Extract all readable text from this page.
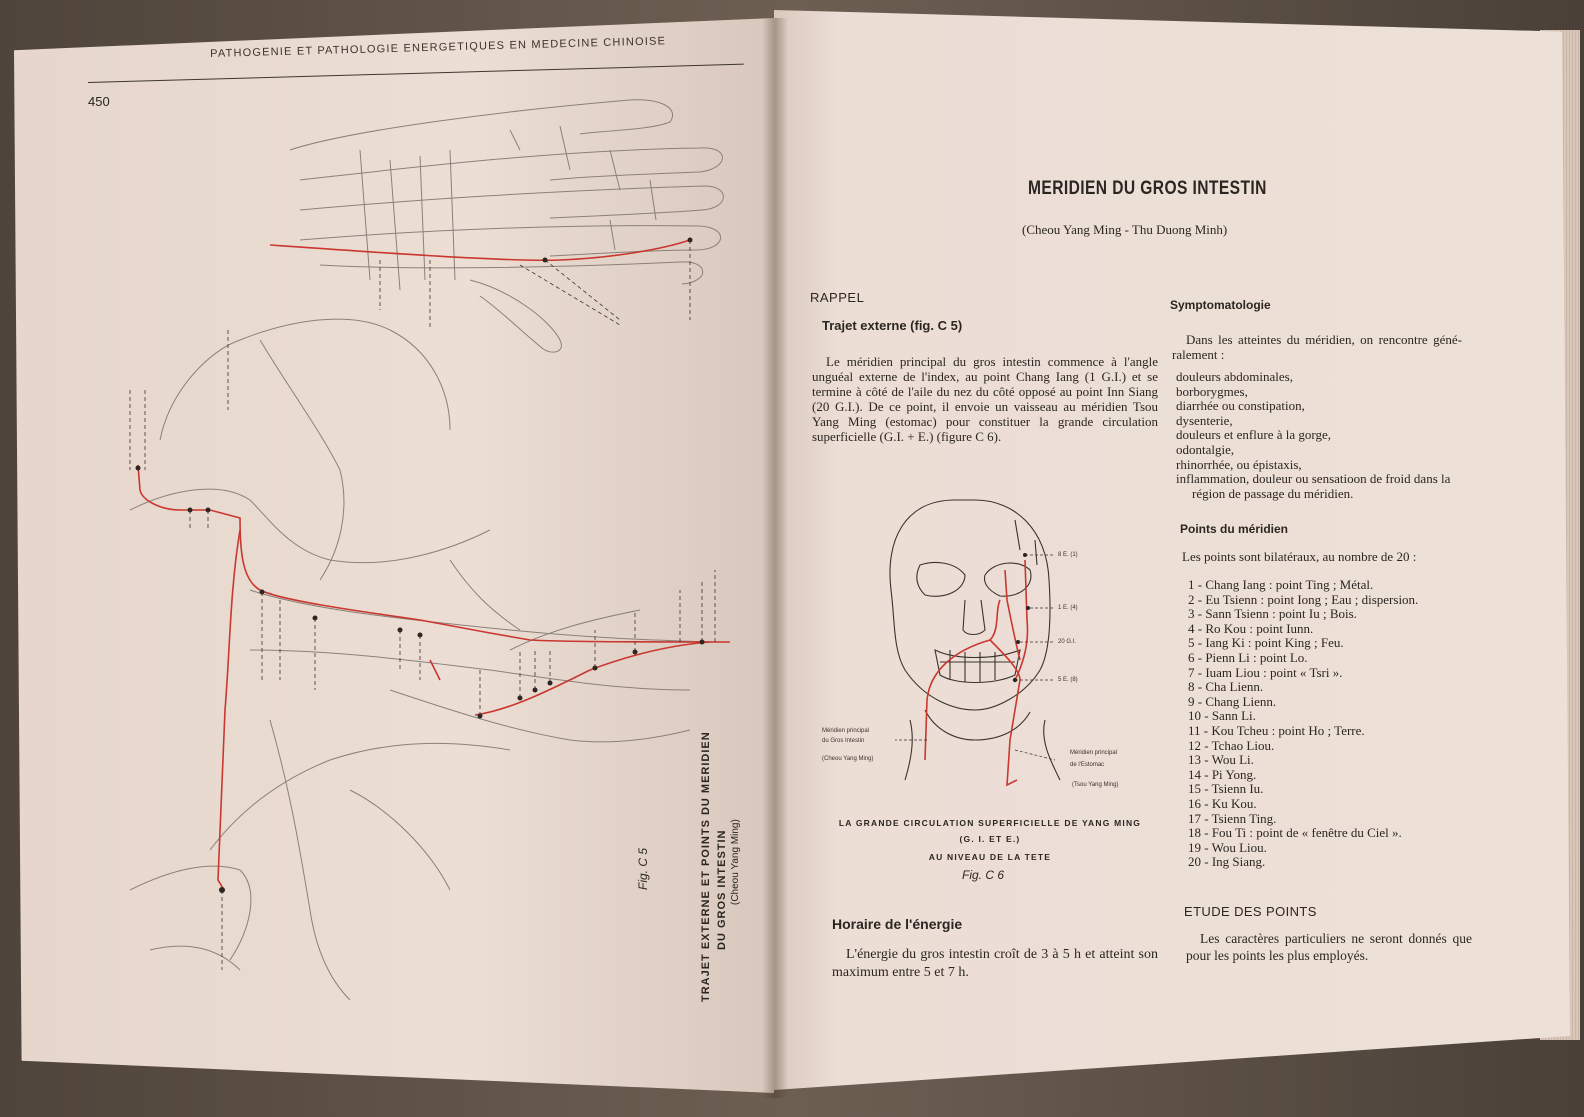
PATHOGENIE ET PATHOLOGIE ENERGETIQUES EN MEDECINE CHINOISE
450
Fig. C 5	TRAJET EXTERNE ET POINTS DU MERIDIEN DU GROS INTESTIN (Cheou Yang Ming)
MERIDIEN DU GROS INTESTIN
(Cheou Yang Ming - Thu Duong Minh)
RAPPEL
Trajet externe (fig. C 5)
Le méridien principal du gros intestin commence à l'angle unguéal externe de l'index, au point Chang Iang (1 G.I.) et se termine à côté de l'aile du nez du côté opposé au point Inn Siang (20 G.I.). De ce point, il envoie un vaisseau au méridien Tsou Yang Ming (estomac) pour constituer la grande circulation superficielle (G.I. + E.) (figure C 6).
8 E. (1)
1 E. (4)
20 G.I.
5 E. (8)
Méridien principal
du Gros Intestin
(Cheou Yang Ming)
Méridien principal
de l'Estomac
(Tsou Yang Ming)
LA GRANDE CIRCULATION SUPERFICIELLE DE YANG MING
(G. I. ET E.)
AU NIVEAU DE LA TETE
Fig. C 6
Horaire de l'énergie
L'énergie du gros intestin croît de 3 à 5 h et atteint son maximum entre 5 et 7 h.
Symptomatologie
Dans les atteintes du méridien, on rencontre géné- ralement :
douleurs abdominales,
borborygmes,
diarrhée ou constipation,
dysenterie,
douleurs et enflure à la gorge,
odontalgie,
rhinorrhée, ou épistaxis,
inflammation, douleur ou sensatioon de froid dans la
région de passage du méridien.
Points du méridien
Les points sont bilatéraux, au nombre de 20 :
1 - Chang Iang : point Ting ; Métal.
2 - Eu Tsienn : point Iong ; Eau ; dispersion.
3 - Sann Tsienn : point Iu ; Bois.
4 - Ro Kou : point Iunn.
5 - Iang Ki : point King ; Feu.
6 - Pienn Li : point Lo.
7 - Iuam Liou : point « Tsri ».
8 - Cha Lienn.
9 - Chang Lienn.
10 - Sann Li.
11 - Kou Tcheu : point Ho ; Terre.
12 - Tchao Liou.
13 - Wou Li.
14 - Pi Yong.
15 - Tsienn Iu.
16 - Ku Kou.
17 - Tsienn Ting.
18 - Fou Ti : point de « fenêtre du Ciel ».
19 - Wou Liou.
20 - Ing Siang.
ETUDE DES POINTS
Les caractères particuliers ne seront donnés que pour les points les plus employés.
